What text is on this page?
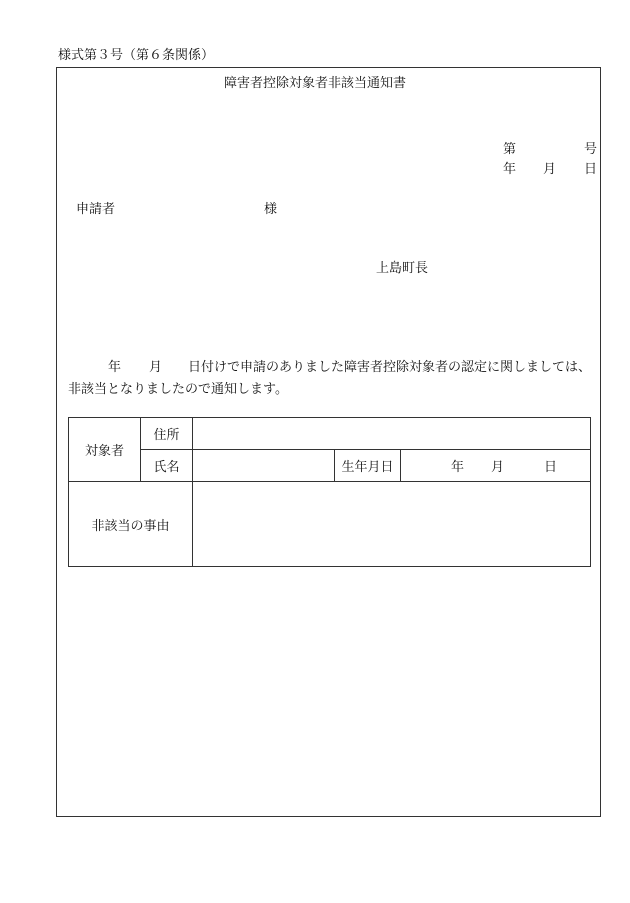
様式第３号（第６条関係）
障害者控除対象者非該当通知書
第	号
年 月 日
申請者	様
上島町長
年 月 日付けで申請のありました障害者控除対象者の認定に関しましては、
非該当となりましたので通知します。
対象者	住所			
	氏名		生年月日	年 月 日
非該当の事由				
